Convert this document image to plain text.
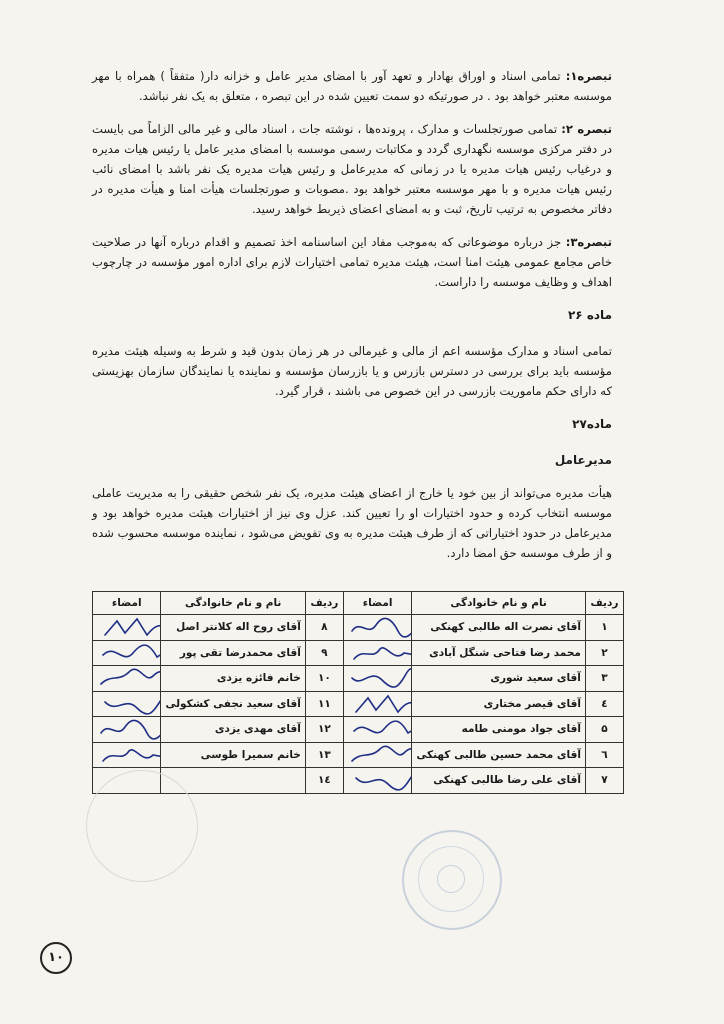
تبصره۱: تمامی اسناد و اوراق بهادار و تعهد آور با امضای مدیر عامل و خزانه دار( متفقاً ) همراه با مهر موسسه معتبر خواهد بود . در صورتیکه دو سمت تعیین شده در این تبصره ، متعلق به یک نفر نباشد.

تبصره ۲: تمامی صورتجلسات و مدارک ، پرونده‌ها ، نوشته جات ، اسناد مالی و غیر مالی الزاماً می بایست در دفتر مرکزی موسسه نگهداری گردد و مکاتبات رسمی موسسه با امضای مدیر عامل یا رئیس هیات مدیره و درغیاب رئیس هیات مدیره یا در زمانی که مدیرعامل و رئیس هیات مدیره یک نفر باشد با امضای نائب رئیس هیات مدیره و با مهر موسسه معتبر خواهد بود .مصوبات و صورتجلسات هیأت امنا و هیأت مدیره در دفاتر مخصوص به ترتیب تاریخ، ثبت و به امضای اعضای ذیربط خواهد رسید.

تبصره۳: جز درباره موضوعاتی که به‌موجب مفاد این اساسنامه اخذ تصمیم و اقدام درباره آنها در صلاحیت خاص مجامع عمومی هیئت امنا است، هیئت مدیره تمامی اختیارات لازم برای اداره امور مؤسسه در چارچوب اهداف و وظایف موسسه را داراست.

ماده ۲۶

تمامی اسناد و مدارک مؤسسه اعم از مالی و غیرمالی در هر زمان بدون قید و شرط به وسیله هیئت مدیره مؤسسه باید برای بررسی در دسترس بازرس و یا بازرسان مؤسسه و نماینده یا نمایندگان سازمان بهزیستی که دارای حکم ماموریت بازرسی در این خصوص می باشند ، قرار گیرد.

ماده۲۷

مدیرعامل

هیأت مدیره می‌تواند از بین خود یا خارج از اعضای هیئت مدیره، یک نفر شخص حقیقی را به مدیریت عاملی موسسه انتخاب کرده و حدود اختیارات او را تعیین کند. عزل وی نیز از اختیارات هیئت مدیره خواهد بود و مدیرعامل در حدود اختیاراتی که از طرف هیئت مدیره به وی تفویض می‌شود ، نماینده موسسه محسوب شده و از طرف موسسه حق امضا دارد.

ردیف	نام و نام خانوادگی	امضاء	ردیف	نام و نام خانوادگی	امضاء
۱	آقای نصرت اله طالبی کهنکی		۸	آقای روح اله کلانتر اصل	

۲	محمد رضا فتاحی شنگل آبادی		۹	آقای محمدرضا تقی پور	

۳	آقای سعید شوری		۱۰	خانم فائزه یزدی	

٤	آقای قیصر مختاری		۱۱	آقای سعید نجفی کشکولی	

۵	آقای جواد مومنی طامه		۱۲	آقای مهدی یزدی	

٦	آقای محمد حسین طالبی کهنکی		۱۳	خانم سمیرا طوسی	

۷	آقای علی رضا طالبی کهنکی		۱٤		
۱۰
